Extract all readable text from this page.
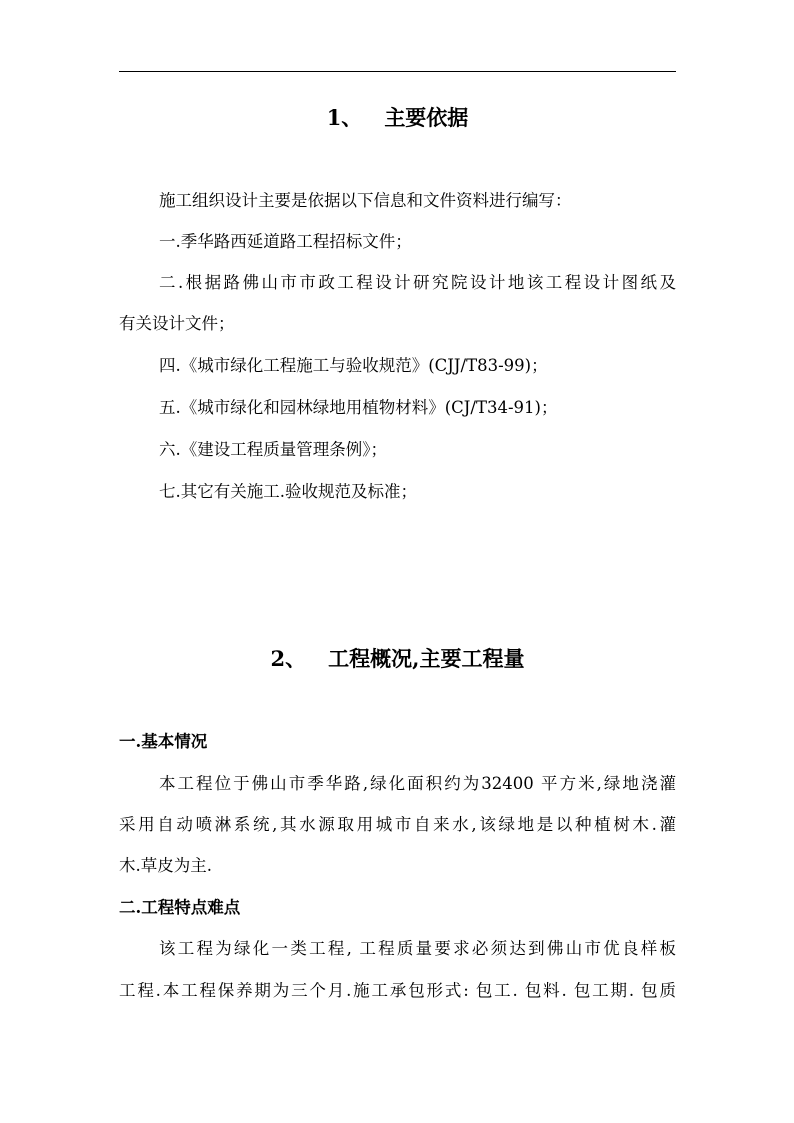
1、 主要依据
施工组织设计主要是依据以下信息和文件资料进行编写：
一.季华路西延道路工程招标文件；
二.根据路佛山市市政工程设计研究院设计地该工程设计图纸及
有关设计文件；
四.《城市绿化工程施工与验收规范》(CJJ/T83-99)；
五.《城市绿化和园林绿地用植物材料》(CJ/T34-91)；
六.《建设工程质量管理条例》；
七.其它有关施工.验收规范及标准；
2、 工程概况,主要工程量
一.基本情况
本工程位于佛山市季华路,绿化面积约为32400 平方米,绿地浇灌
采用自动喷淋系统,其水源取用城市自来水,该绿地是以种植树木.灌
木.草皮为主.
二.工程特点难点
该工程为绿化一类工程, 工程质量要求必须达到佛山市优良样板
工程.本工程保养期为三个月.施工承包形式: 包工. 包料. 包工期. 包质
